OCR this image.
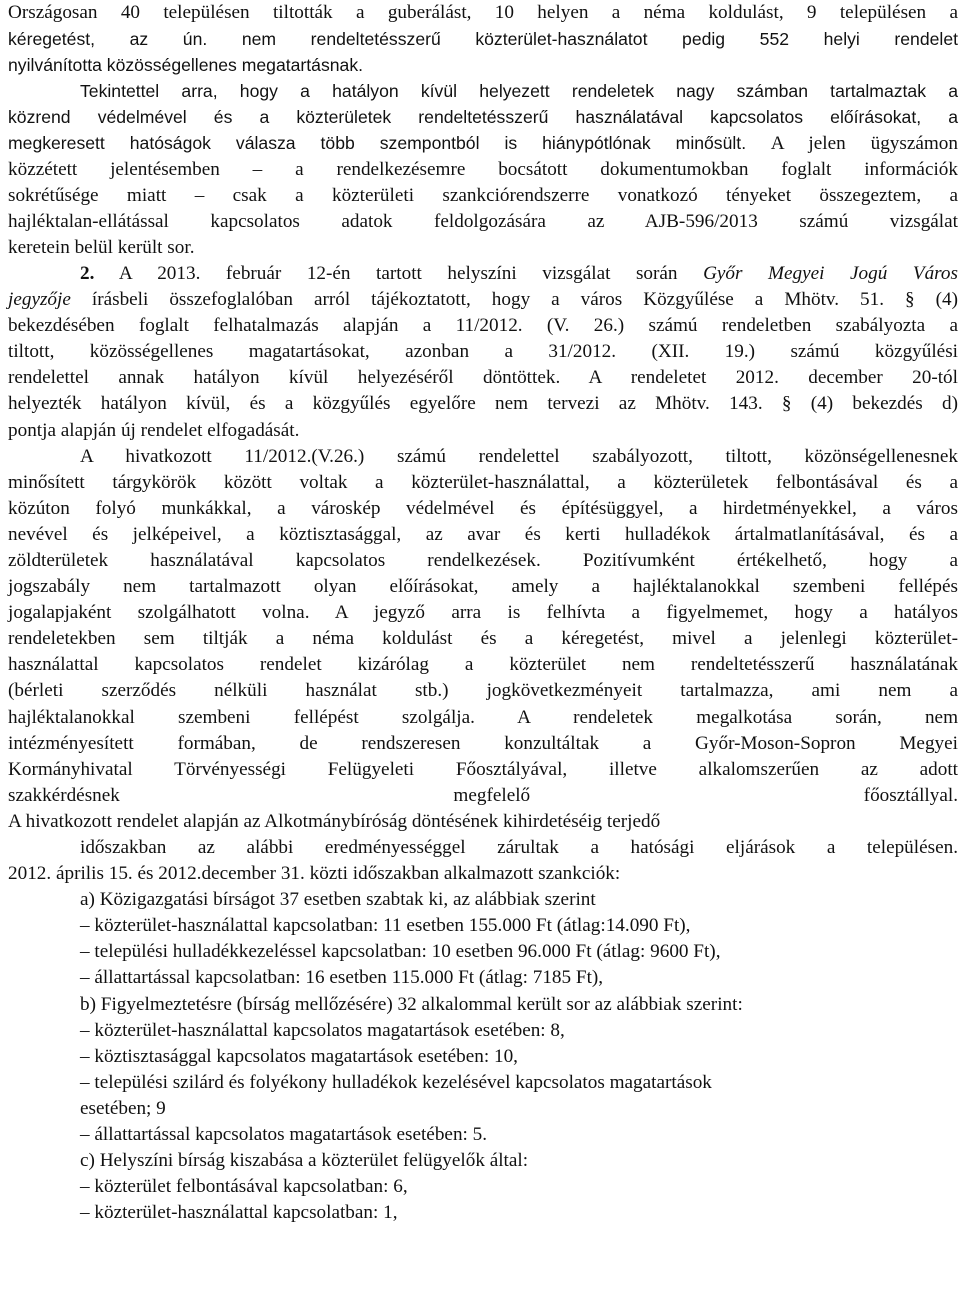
Országosan 40 településen tiltották a guberálást, 10 helyen a néma koldulást, 9 településen a
kéregetést, az ún. nem rendeltetésszerű közterület-használatot pedig 552 helyi rendelet
nyilvánította közösségellenes megatartásnak.
Tekintettel arra, hogy a hatályon kívül helyezett rendeletek nagy számban tartalmaztak a
közrend védelmével és a közterületek rendeltetésszerű használatával kapcsolatos előírásokat, a
megkeresett hatóságok válasza több szempontból is hiánypótlónak minősült. A jelen ügyszámon
közzétett jelentésemben – a rendelkezésemre bocsátott dokumentumokban foglalt információk
sokrétűsége miatt – csak a közterületi szankciórendszerre vonatkozó tényeket összegeztem, a
hajléktalan-ellátással kapcsolatos adatok feldolgozására az AJB-596/2013 számú vizsgálat
keretein belül került sor.
2. A 2013. február 12-én tartott helyszíni vizsgálat során Győr Megyei Jogú Város
jegyzője írásbeli összefoglalóban arról tájékoztatott, hogy a város Közgyűlése a Mhötv. 51. § (4)
bekezdésében foglalt felhatalmazás alapján a 11/2012. (V. 26.) számú rendeletben szabályozta a
tiltott, közösségellenes magatartásokat, azonban a 31/2012. (XII. 19.) számú közgyűlési
rendelettel annak hatályon kívül helyezéséről döntöttek. A rendeletet 2012. december 20-tól
helyezték hatályon kívül, és a közgyűlés egyelőre nem tervezi az Mhötv. 143. § (4) bekezdés d)
pontja alapján új rendelet elfogadását.
A hivatkozott 11/2012.(V.26.) számú rendelettel szabályozott, tiltott, közönségellenesnek
minősített tárgykörök között voltak a közterület-használattal, a közterületek felbontásával és a
közúton folyó munkákkal, a városkép védelmével és építésüggyel, a hirdetményekkel, a város
nevével és jelképeivel, a köztisztasággal, az avar és kerti hulladékok ártalmatlanításával, és a
zöldterületek használatával kapcsolatos rendelkezések. Pozitívumként értékelhető, hogy a
jogszabály nem tartalmazott olyan előírásokat, amely a hajléktalanokkal szembeni fellépés
jogalapjaként szolgálhatott volna. A jegyző arra is felhívta a figyelmemet, hogy a hatályos
rendeletekben sem tiltják a néma koldulást és a kéregetést, mivel a jelenlegi közterület-
használattal kapcsolatos rendelet kizárólag a közterület nem rendeltetésszerű használatának
(bérleti szerződés nélküli használat stb.) jogkövetkezményeit tartalmazza, ami nem a
hajléktalanokkal szembeni fellépést szolgálja. A rendeletek megalkotása során, nem
intézményesített formában, de rendszeresen konzultáltak a Győr-Moson-Sopron Megyei
Kormányhivatal Törvényességi Felügyeleti Főosztályával, illetve alkalomszerűen az adott
szakkérdésnek megfelelő főosztállyal.
A hivatkozott rendelet alapján az Alkotmánybíróság döntésének kihirdetéséig terjedő
időszakban az alábbi eredményességgel zárultak a hatósági eljárások a településen.
2012. április 15. és 2012.december 31. közti időszakban alkalmazott szankciók:
a) Közigazgatási bírságot 37 esetben szabtak ki, az alábbiak szerint
– közterület-használattal kapcsolatban: 11 esetben 155.000 Ft (átlag:14.090 Ft),
– települési hulladékkezeléssel kapcsolatban: 10 esetben 96.000 Ft (átlag: 9600 Ft),
– állattartással kapcsolatban: 16 esetben 115.000 Ft (átlag: 7185 Ft),
b) Figyelmeztetésre (bírság mellőzésére) 32 alkalommal került sor az alábbiak szerint:
– közterület-használattal kapcsolatos magatartások esetében: 8,
– köztisztasággal kapcsolatos magatartások esetében: 10,
– települési szilárd és folyékony hulladékok kezelésével kapcsolatos magatartások
esetében; 9
– állattartással kapcsolatos magatartások esetében: 5.
c) Helyszíni bírság kiszabása a közterület felügyelők által:
– közterület felbontásával kapcsolatban: 6,
– közterület-használattal kapcsolatban: 1,
